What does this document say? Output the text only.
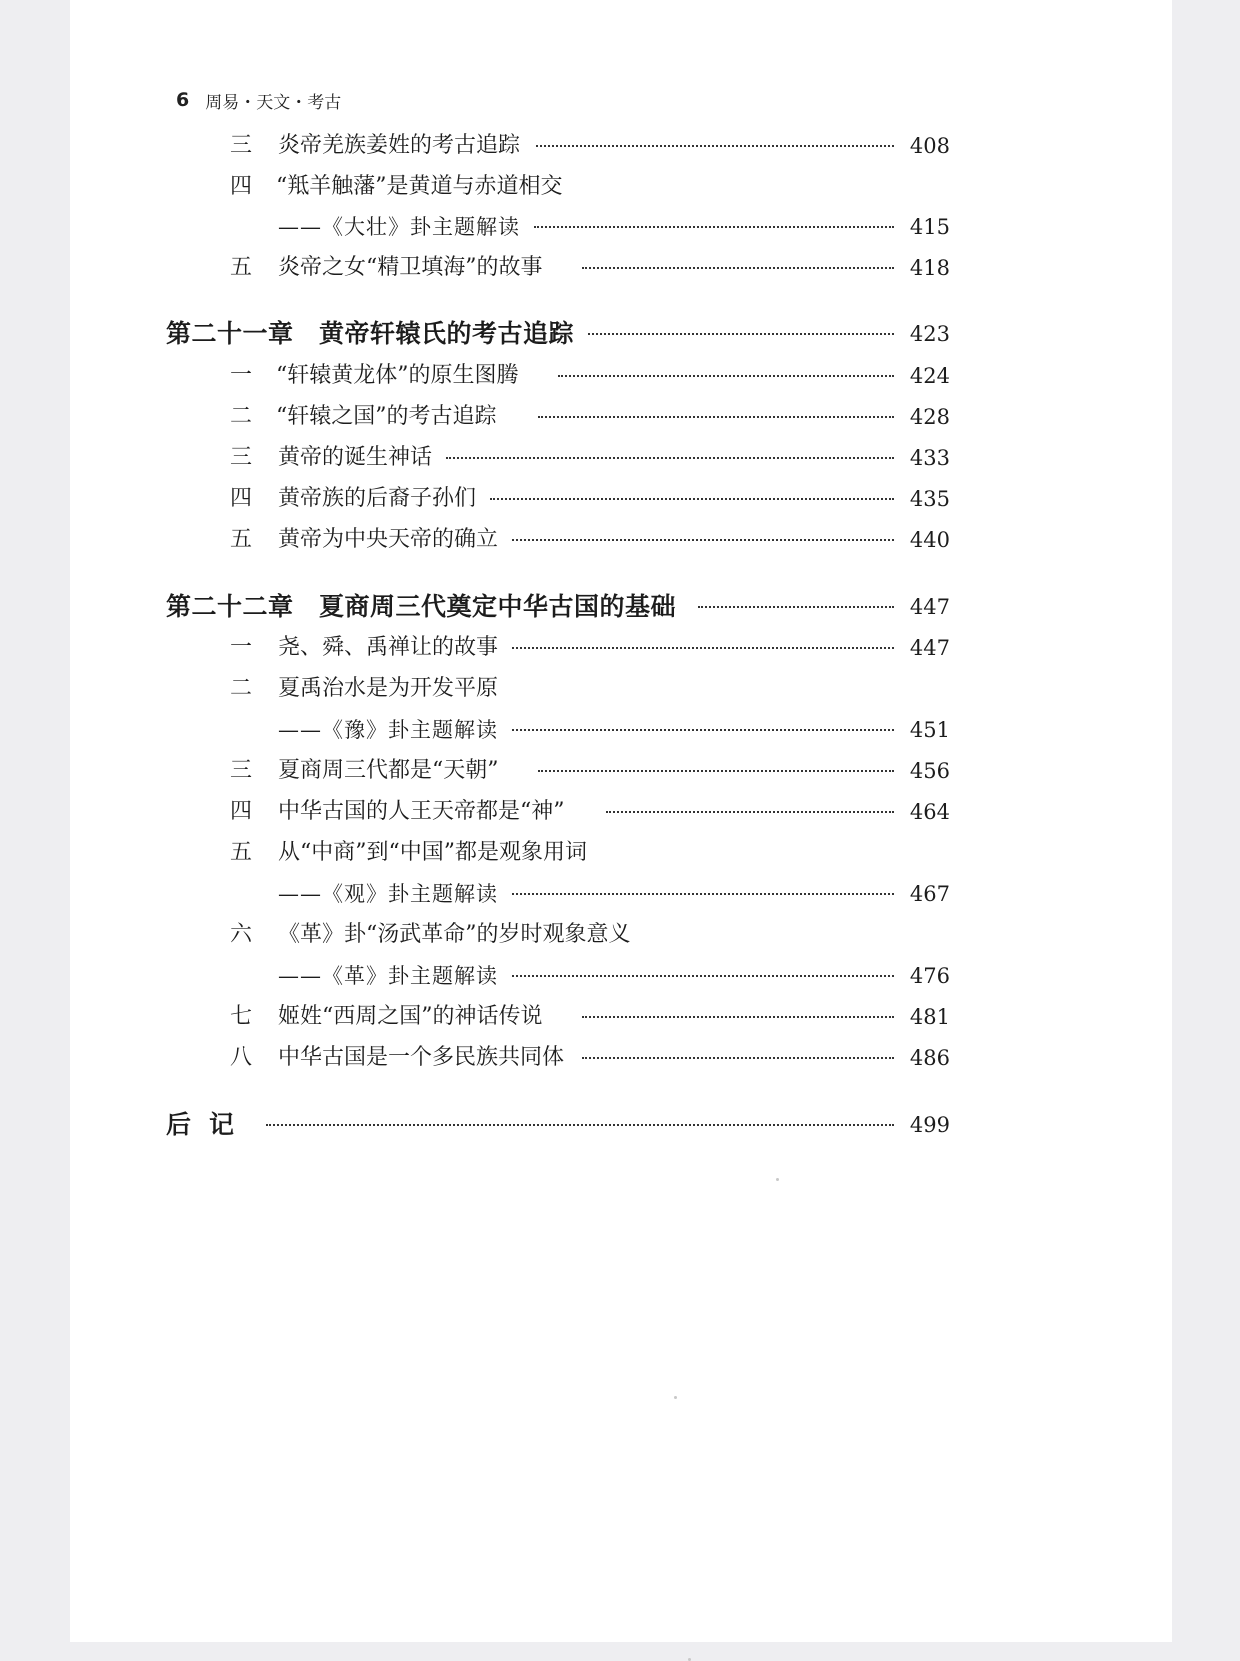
6 周易・天文・考古
三	炎帝羌族姜姓的考古追踪	408
四	“羝羊触藩”是黄道与赤道相交
——《大壮》卦主题解读	415
五	炎帝之女“精卫填海”的故事	418
第二十一章　黄帝轩辕氏的考古追踪	423
一	“轩辕黄龙体”的原生图腾	424
二	“轩辕之国”的考古追踪	428
三	黄帝的诞生神话	433
四	黄帝族的后裔子孙们	435
五	黄帝为中央天帝的确立	440
第二十二章　夏商周三代奠定中华古国的基础	447
一	尧、舜、禹禅让的故事	447
二	夏禹治水是为开发平原
——《豫》卦主题解读	451
三	夏商周三代都是“天朝”	456
四	中华古国的人王天帝都是“神”	464
五	从“中商”到“中国”都是观象用词
——《观》卦主题解读	467
六	《革》卦“汤武革命”的岁时观象意义
——《革》卦主题解读	476
七	姬姓“西周之国”的神话传说	481
八	中华古国是一个多民族共同体	486
后记	499
